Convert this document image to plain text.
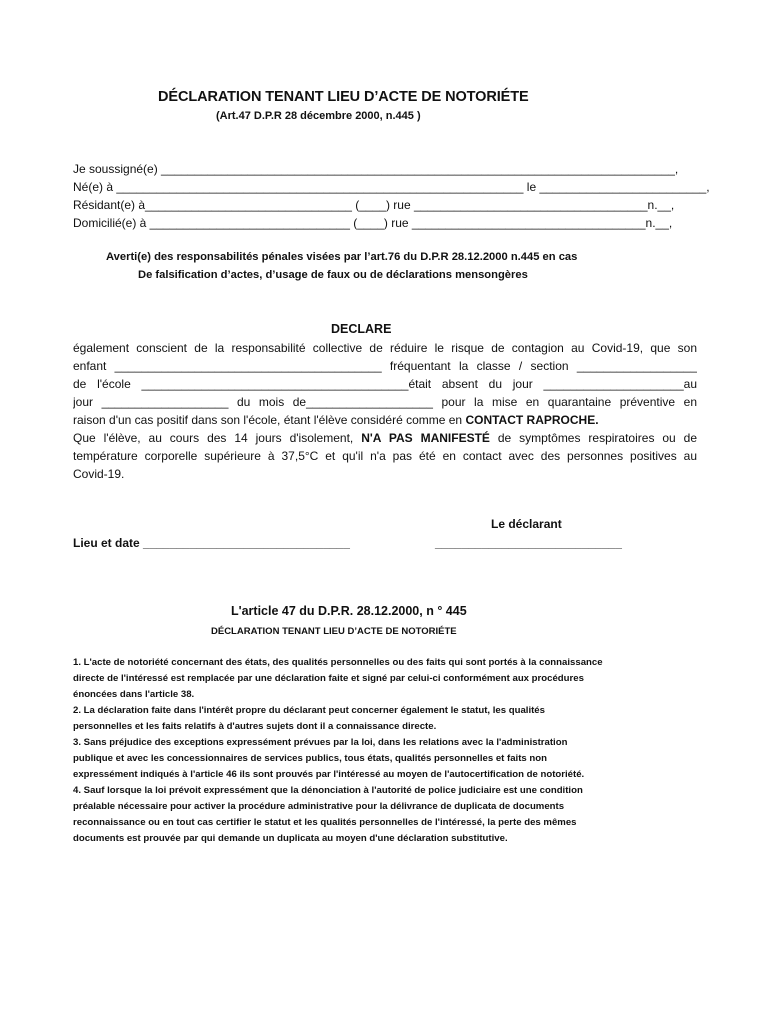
DÉCLARATION TENANT LIEU D’ACTE DE NOTORIÉTE
(Art.47 D.P.R 28 décembre 2000, n.445 )
Je soussigné(e) _____________________________________________________________________________,
Né(e) à _____________________________________________________________ le _________________________,
Résidant(e) à_______________________________ (____) rue ___________________________________n.__,
Domicilié(e) à ______________________________ (____) rue ___________________________________n.__,
Averti(e) des responsabilités pénales visées par l’art.76 du D.P.R 28.12.2000 n.445 en cas
De falsification d’actes, d’usage de faux ou de déclarations mensongères
DECLARE
également conscient de la responsabilité collective de réduire le risque de contagion au Covid-19, que son
enfant ________________________________________ fréquentant la classe / section __________________
de l'école ________________________________________était absent du jour _____________________au
jour ___________________ du mois de___________________ pour la mise en quarantaine préventive en
raison d'un cas positif dans son l'école, étant l'élève considéré comme en CONTACT RAPROCHE.
Que l'élève, au cours des 14 jours d'isolement, N'A PAS MANIFESTÉ de symptômes respiratoires ou de
température corporelle supérieure à 37,5°C et qu'il n'a pas été en contact avec des personnes positives au
Covid-19.
Le déclarant
Lieu et date _______________________________	____________________________
L'article 47 du D.P.R. 28.12.2000, n ° 445
DÉCLARATION TENANT LIEU D’ACTE DE NOTORIÉTE
1. L'acte de notoriété concernant des états, des qualités personnelles ou des faits qui sont portés à la connaissance
directe de l'intéressé est remplacée par une déclaration faite et signé par celui-ci conformément aux procédures
énoncées dans l'article 38.
2. La déclaration faite dans l'intérêt propre du déclarant peut concerner également le statut, les qualités
personnelles et les faits relatifs à d'autres sujets dont il a connaissance directe.
3. Sans préjudice des exceptions expressément prévues par la loi, dans les relations avec la l'administration
publique et avec les concessionnaires de services publics, tous états, qualités personnelles et faits non
expressément indiqués à l'article 46 ils sont prouvés par l'intéressé au moyen de l'autocertification de notoriété.
4. Sauf lorsque la loi prévoit expressément que la dénonciation à l'autorité de police judiciaire est une condition
préalable nécessaire pour activer la procédure administrative pour la délivrance de duplicata de documents
reconnaissance ou en tout cas certifier le statut et les qualités personnelles de l'intéressé, la perte des mêmes
documents est prouvée par qui demande un duplicata au moyen d'une déclaration substitutive.
